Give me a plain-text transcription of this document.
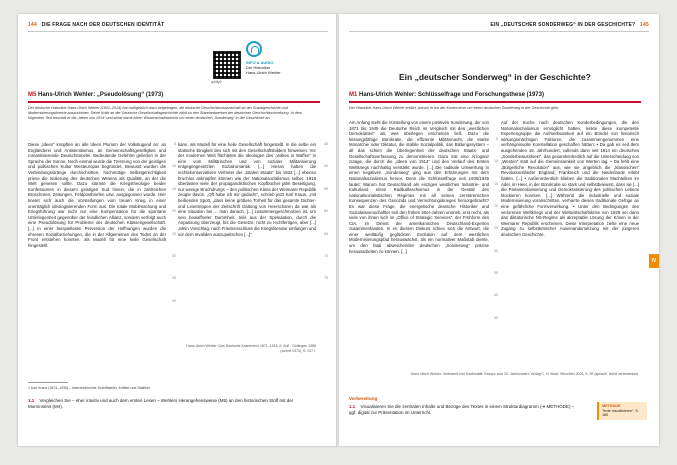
144 DIE FRAGE NACH DER DEUTSCHEN IDENTITÄT
q44fy9
INFO & AUDIO
Der Historiker
Hans-Ulrich Wehler
M5 Hans-Ulrich Wehler: „Pseudolösung“ (1973)
Der deutsche Historiker Hans-Ulrich Wehler (1931–2014) hat maßgeblich dazu beigetragen, die deutsche Geschichtswissenschaft an der Sozialgeschichte und Modernisierungstheorie auszurichten. Seine Kritik an der Deutsche Gesellschaftsgeschichte zählt zu den Standardwerken der deutschen Geschichtsschreibung. In dem folgenden Text beurteilt er die „Ideen von 1914“ und stützt damit einen Wissenschaftsbericht um einen deutschen „Sonderweg“ in der Geschichte an.
Diese „Ideen“ knüpften an alle Ideen Plurium der Volkstugend an: an Engländerei und Antisemitismus, an Gemeinschaftsgeselligkeit und romantisierende Deutschtümelei. Bedeutende Gelehrte gelierten in der Sprache der Sonne. Noch einmal wurde die Trennung von der geistigen und politischen Kultur Westeuropas begründet. Bewusst wurden die Verbindungsstränge durchschnitten, hochmütige Selbstgerechtigkeit priese die Isolierung des deutschen Wesens als Qualität, an der die Welt genesen sollte. Dazu stürmte die Kriegstheologie beider Konfessionen in diesem geistigen Sud hinein, die in zahlreichen Broschüren, Zeitungen, Feldpostbriefen usw. ausgegossen wurde. Hier knetet sich auch die Vorstellungen vom treuen Krieg in einer unerträglich ideologisierenden Form aus. Die totale Mobilmachung und Kriegsführung war nicht nur eine Kompensation für die spontane Unterlegenheit gegenüber der feindlichen Allianz, sondern verfolgt auch eine Pseudolösung für Probleme der deutschen Klassengesellschaft. [...] In einer beispiellosen Perversion der Hoffnungen wurden die ehrenen Sozialbeziehungen, die in der Allgemeinen des Todes an der Front entstehen konnten, als Modell für eine heile Gesellschaft hingestellt.
kann, als Modell für eine heile Gesellschaft hingestellt. In die selbe ein statische Einigkeit des sich mit den Gesellschaftsbildern hinweisen. Vor der modernen Welt flüchteten die Ideologen des „Volkes in Waffen“ in eine vom Militärischen und von sozialer Militarisierung entgegengesetzten Sozialromantik. [...] Hieran haben die rechtskonservativen Vertreter der „totalen Staats“ bis 1933 [...] ebenso bruchlos anknüpfen können wie der Nationalsozialismus selber. 1918 überlasten viele der propagandistischen Kopfbücher jähe Beseitigung, nur wenige Bruchdrungs – den politischen Klima der Weimarer Republik zeugte davon. „Oft habe ich mir gedacht“, schrieb jetzt Karl Kraus, „mit beißenden Spott, „dass keine größere Torheit für das gesamte Dichter- und Lesetreppen der Zeitschrift Gattung von Heerscharen da war als eine Situation bei ... man danach, [...] zusammengeschmolzen ist, um sein bewaffneter Dummheit, teils aus der Spekulation, durch die Anpassung überzeugt, bis die Gesetze, nicht zu rechtfertigen, aber [...] „Mein Vorschlag, nach Friedensschluss die Kriegsliteratur einfangen und vor dem Invaliden auszupeitschen [...]“
5

10

15

20

25

30

35

40
45

50

55

60

65

70

75
Hans-Ulrich Wehler: Das Deutsche Kaiserreich 1871–1918, 6. Aufl., Göttingen 1988 (zuerst 1973), S. 237 f.
1 Karl Kraus (1874–1936) – österreichischer Schriftsteller, Kritiker und Satiriker
1.1 Vergleichen Sie – eher intuitiv und auch dem ersten Lesen – Wehlers Herangehensweise (M5) an den historischen Stoff mit der Mommsens (M4).
EIN „DEUTSCHER SONDERWEG“ IN DER GESCHICHTE? 145
Ein „deutscher Sonderweg“ in der Geschichte?
M1 Hans-Ulrich Wehler: Schlüsselfrage und Forschungsthese (1973)
Der Historiker Hans-Ulrich Wehler erklärt, warum er bei der Kontroverse um einen deutschen Sonderweg in der Geschichte geht.
Am Anfang steht die Vorstellung von einem positiven Sonderweg, der von 1871 bis 1945 die Deutsche Reich im Vergleich mit den „westlichen Demokratien“ als weit überlegen erscheinen ließ. Dazu die leistungsfähige Bürokratie, die effiziente Militärmacht, die starke Monarchie oder Diktatur, die stabile Sozialpolitik, das Bildungssystem – all das schien die Überlegenheit der deutschen Staats- und Gesellschaftsverfassung zu demonstrieren. Dazu trat eine Arroganz zutage, die durch die „Ideen von 1914“ und den Verlauf des Ersten Weltkriegs nachhaltig verstärkt wurde. [...] Die radikale Umwertung in einen negativen „Sonderweg“ ging aus den Erfahrungen mit dem Nationalsozialismus hervor. Denn die Schlüsselfrage seit 1930/1945 lautet: Warum hat Deutschland als einziges westliches Industrie- und Kulturland einen Radikalfaschismus in der Gestalt des nationalsozialistischen Regimes mit all seinen zerstörerischen Konsequenzen des Genozids und Vernichtungskrieges hervorgebracht? Es war diese Frage, die energetische deutsche Historiker und Sozialwissenschaftler seit den frühen 60er-Jahren umtrieb, erst recht, als viele von ihnen sich im „Office of Strategic Services“, der Frühform des CIA, im Dienst der amerikanischen Deutschland-Experten zusammenfanden. In en diesem Diskurs schien sich die Antwort, die einer weitläufig geglückten Evolution auf dem westlichen Modernisierungspfad herauswächst, als ein normativer Maßstab diente, um den fatal abweichenden deutschen „Sonderweg“ präzise herausarbeiten zu können. [...]

5

10

15

20

25

30

35

40

45
Auf der Suche nach deutschen Sonderbedingungen, die den Nationalsozialismus ermöglicht hatten, lenkte diese kompetente Expertengruppe die Aufmerksamkeit auf ein Bündel von historisch wirkungsmächtigen Faktoren, die zusammengenommen eine verhängnisvolle Konstellation geschaffen hätten: • Da gab es seit dem ausgehenden 18. Jahrhundert, vollends dann seit 1914 ein deutsches „Sonderbewusstsein“, das gesamteinheitlich auf die Unterscheidung von „Westen“ statt auf die Gemeinsamkeit von Werten lag. • Da fehlt eine „Bürgerliche Revolution“ aus, wie sie angeblich die „klassischen“ Revolutionsländer England, Frankreich und die Niederlande erlebt hatten. [...] • Außerordentlich blieben die traditionalen Machteliten im Adel, im Heer, in der Bürokratie so stark und selbstbewusst, dass sie [...] die Parlamentarisierung und Demokratisierung des politischen Lebens blockieren konnten. [...] Während die industrielle und soziale Modernisierung voranschritten, verharrte dieses traditionale Gefüge an eine gefährliche Formverwirkung. • Unter den Bedingungen des verlorenen Weltkriegs und der Weltwirtschaftskrise von 1929 sei dann das diktatorische NS-Regime als akzeptable Lösung der Krisen in der Weimarer Republik erschienen. Diese Interpretation zielte eine neue Zugang zu selbstkritischer Auseinandersetzung mit der jüngeren deutschen Geschichte.
Hans-Ulrich Wehler: Verbrannt und Kontinuität. Essays zum 20. Jahrhundert, Verlag C. H. Beck, München 2003, S. 99 (sprachl. leicht veränderbar).
IV
Vorbereitung
1.1 Visualisieren Sie die zentralen Inhalte und Bezüge des Textes in einem Strukturdiagramm (➔ METHODE) – ggf. digital zur Präsentation im Unterricht.
METHODE
Texte visualisieren“, S. 180
